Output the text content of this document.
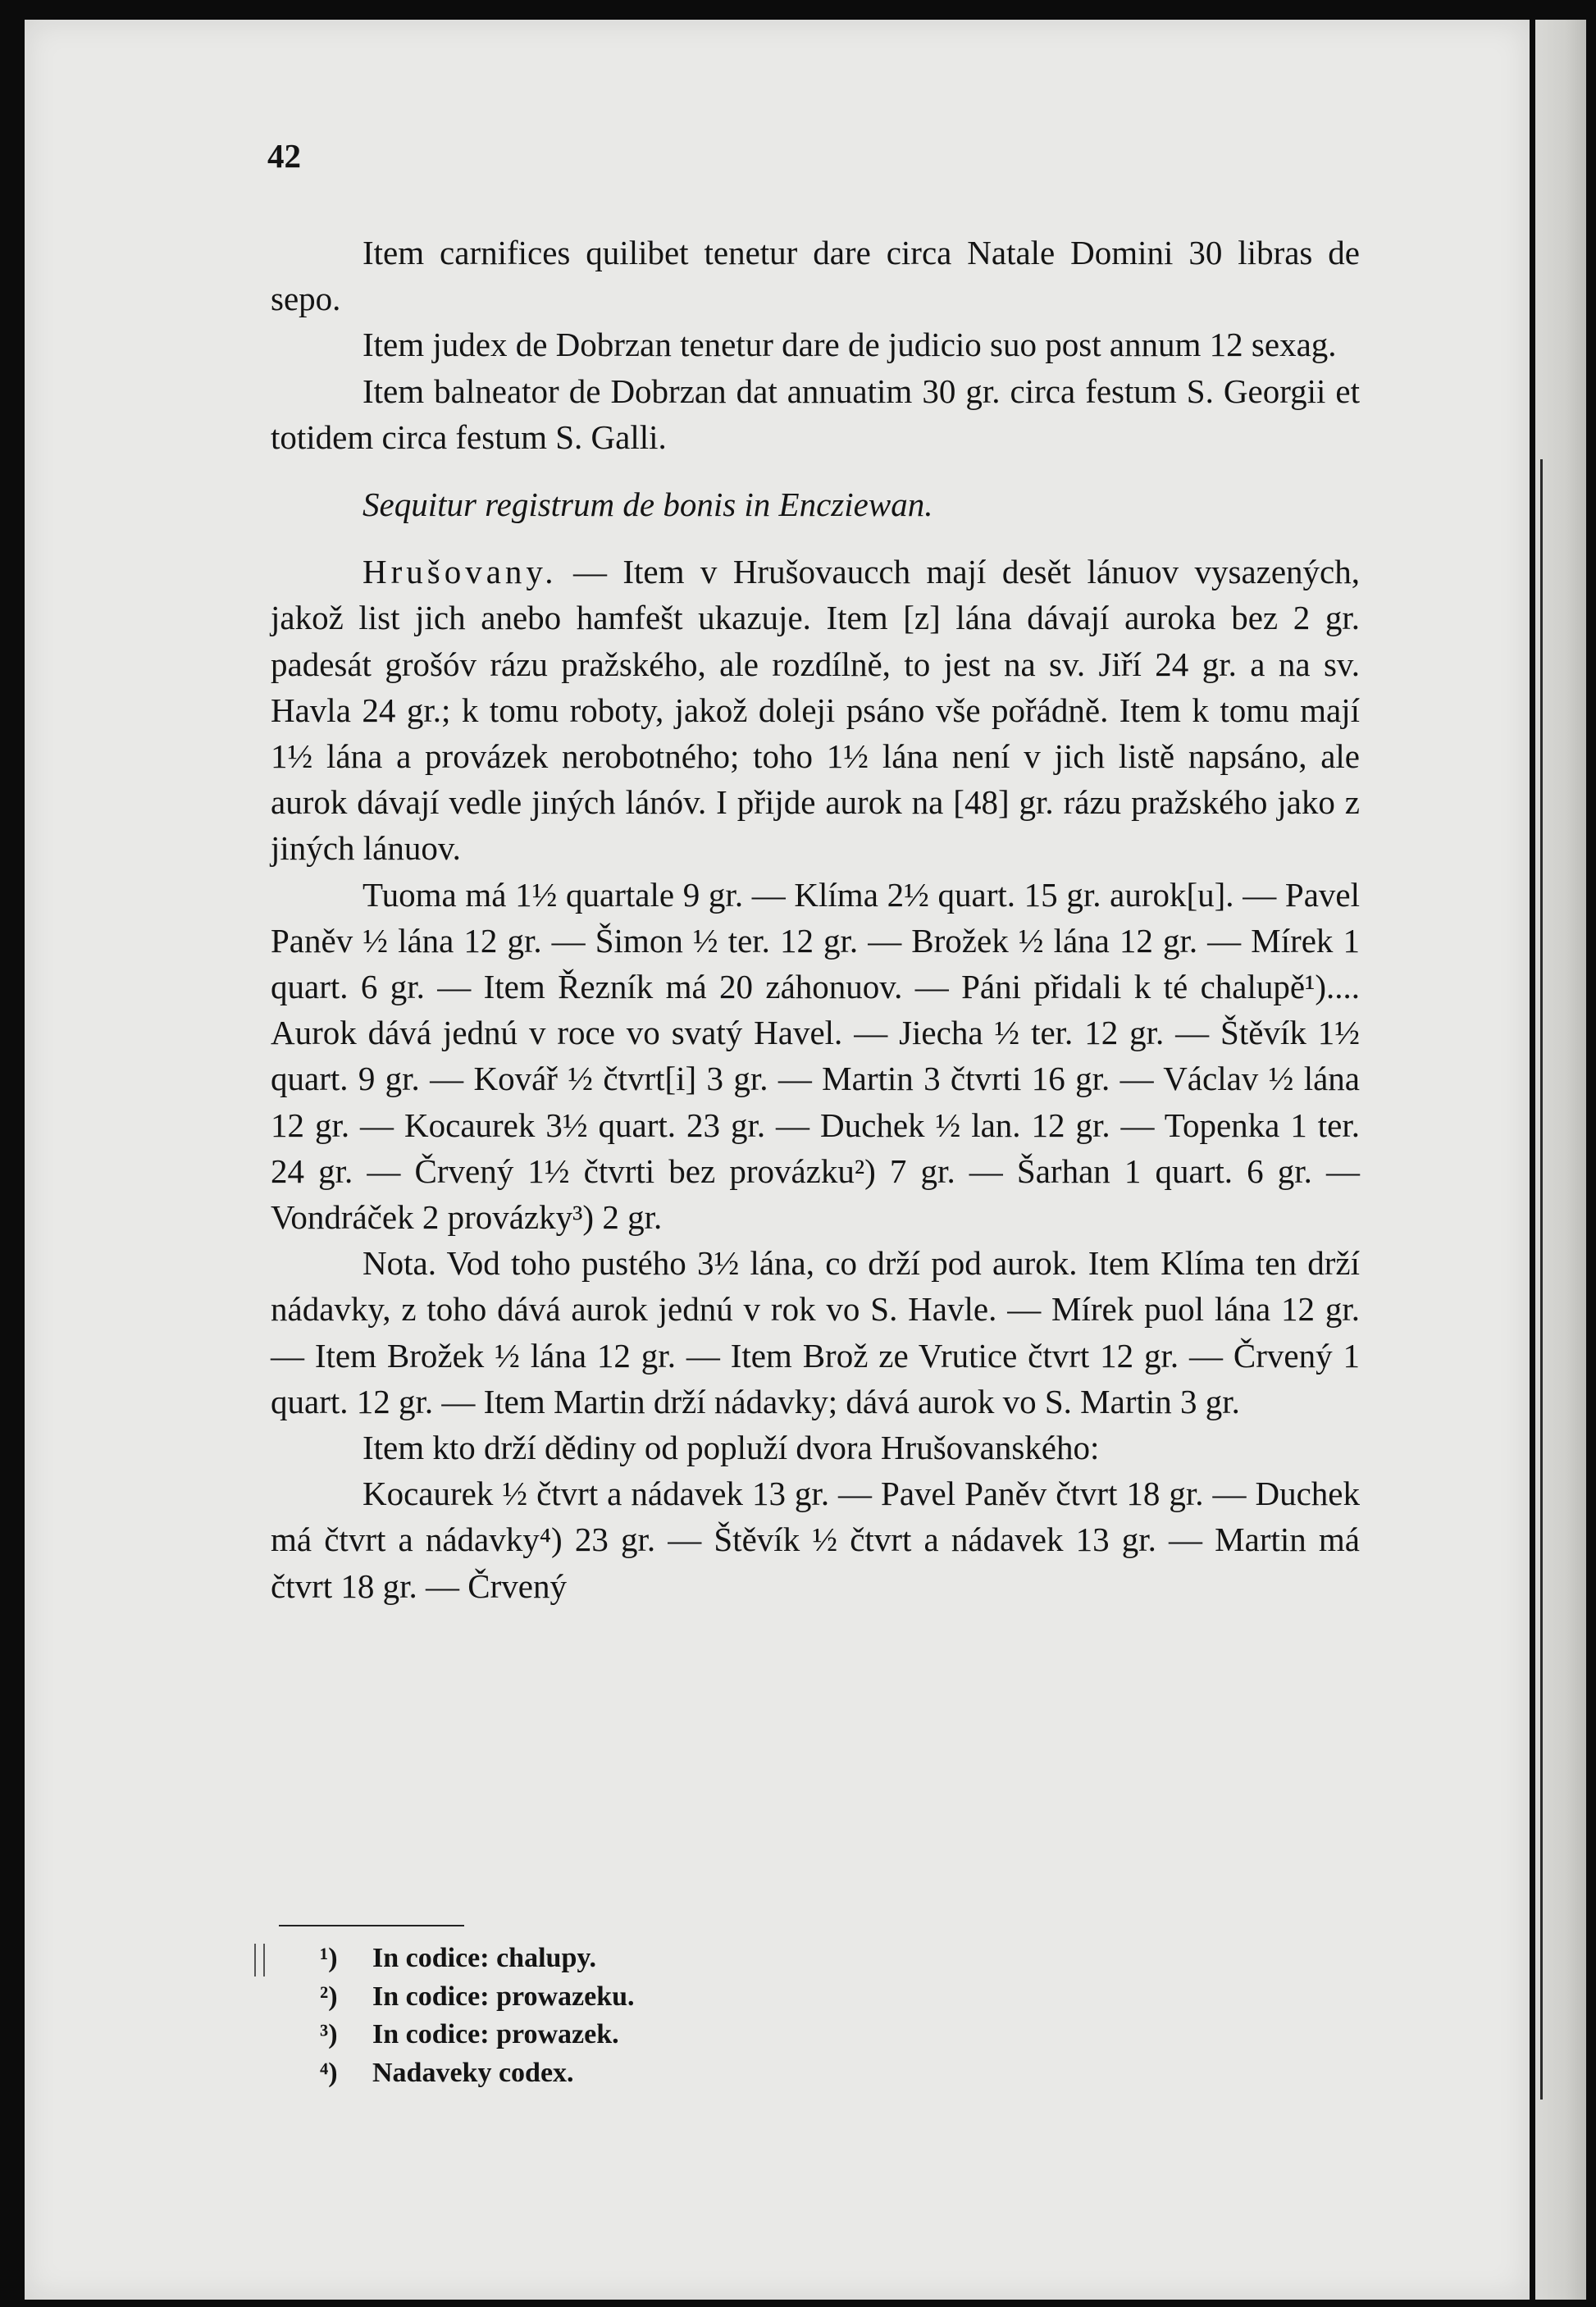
42

Item carnifices quilibet tenetur dare circa Natale Domini 30 libras de sepo.

Item judex de Dobrzan tenetur dare de judicio suo post annum 12 sexag.

Item balneator de Dobrzan dat annuatim 30 gr. circa festum S. Georgii et totidem circa festum S. Galli.

Sequitur registrum de bonis in Encziewan.

Hrušovany. — Item v Hrušovaucch mají desět lánuov vysazených, jakož list jich anebo hamfešt ukazuje. Item [z] lána dávají auroka bez 2 gr. padesát grošóv rázu pražského, ale rozdílně, to jest na sv. Jiří 24 gr. a na sv. Havla 24 gr.; k tomu roboty, jakož doleji psáno vše pořádně. Item k tomu mají 1½ lána a provázek nerobotného; toho 1½ lána není v jich listě napsáno, ale aurok dávají vedle jiných lánóv. I přijde aurok na [48] gr. rázu pražského jako z jiných lánuov.

Tuoma má 1½ quartale 9 gr. — Klíma 2½ quart. 15 gr. aurok[u]. — Pavel Paněv ½ lána 12 gr. — Šimon ½ ter. 12 gr. — Brožek ½ lána 12 gr. — Mírek 1 quart. 6 gr. — Item Řezník má 20 záhonuov. — Páni přidali k té chalupě¹).... Aurok dává jednú v roce vo svatý Havel. — Jiecha ½ ter. 12 gr. — Štěvík 1½ quart. 9 gr. — Kovář ½ čtvrt[i] 3 gr. — Martin 3 čtvrti 16 gr. — Václav ½ lána 12 gr. — Kocaurek 3½ quart. 23 gr. — Duchek ½ lan. 12 gr. — Topenka 1 ter. 24 gr. — Črvený 1½ čtvrti bez provázku²) 7 gr. — Šarhan 1 quart. 6 gr. — Vondráček 2 provázky³) 2 gr.

Nota. Vod toho pustého 3½ lána, co drží pod aurok. Item Klíma ten drží nádavky, z toho dává aurok jednú v rok vo S. Havle. — Mírek puol lána 12 gr. — Item Brožek ½ lána 12 gr. — Item Brož ze Vrutice čtvrt 12 gr. — Črvený 1 quart. 12 gr. — Item Martin drží nádavky; dává aurok vo S. Martin 3 gr.

Item kto drží dědiny od popluží dvora Hrušovanského:

Kocaurek ½ čtvrt a nádavek 13 gr. — Pavel Paněv čtvrt 18 gr. — Duchek má čtvrt a nádavky⁴) 23 gr. — Štěvík ½ čtvrt a nádavek 13 gr. — Martin má čtvrt 18 gr. — Črvený

¹) In codice: chalupy.
²) In codice: prowazeku.
³) In codice: prowazek.
⁴) Nadaveky codex.
